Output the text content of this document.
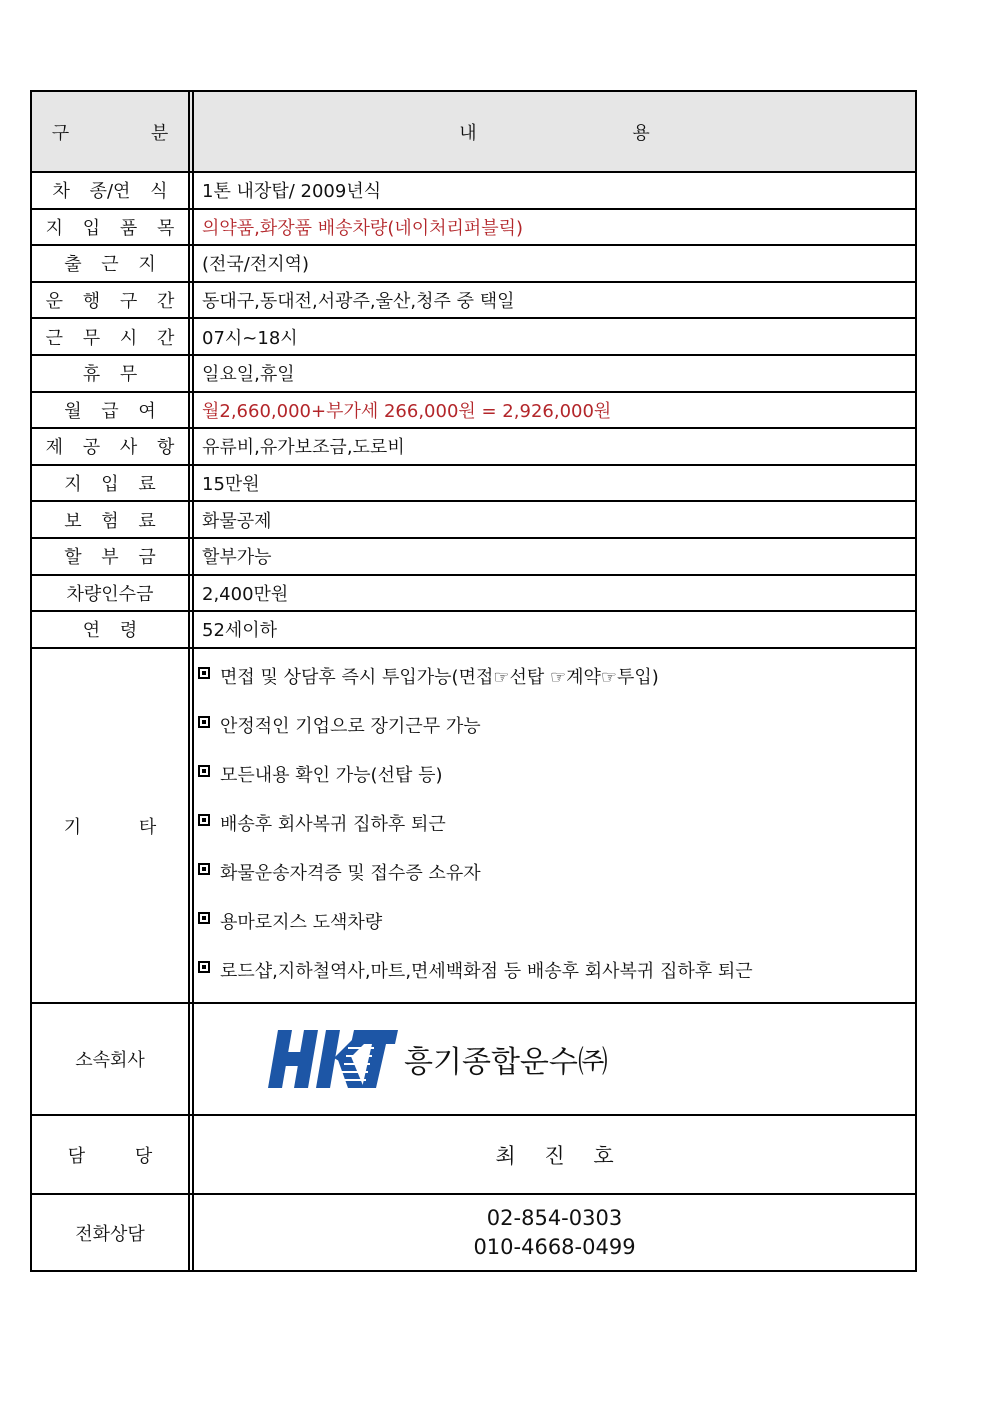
구 분	내 용
차 종/연 식	1톤 내장탑/ 2009년식
지 입 품 목	의약품,화장품 배송차량(네이처리퍼블릭)
출 근 지	(전국/전지역)
운 행 구 간	동대구,동대전,서광주,울산,청주 중 택일
근 무 시 간	07시~18시
휴 무	일요일,휴일
월 급 여	월2,660,000+부가세 266,000원 = 2,926,000원
제 공 사 항	유류비,유가보조금,도로비
지 입 료	15만원
보 험 료	화물공제
할 부 금	할부가능
차량인수금	2,400만원
연 령	52세이하
기 타
면접 및 상담후 즉시 투입가능(면접☞선탑 ☞계약☞투입)
안정적인 기업으로 장기근무 가능
모든내용 확인 가능(선탑 등)
배송후 회사복귀 집하후 퇴근
화물운송자격증 및 접수증 소유자
용마로지스 도색차량
로드샵,지하철역사,마트,면세백화점 등 배송후 회사복귀 집하후 퇴근
소속회사	흥기종합운수㈜
담 당	최 진 호
전화상담
02-854-0303
010-4668-0499
